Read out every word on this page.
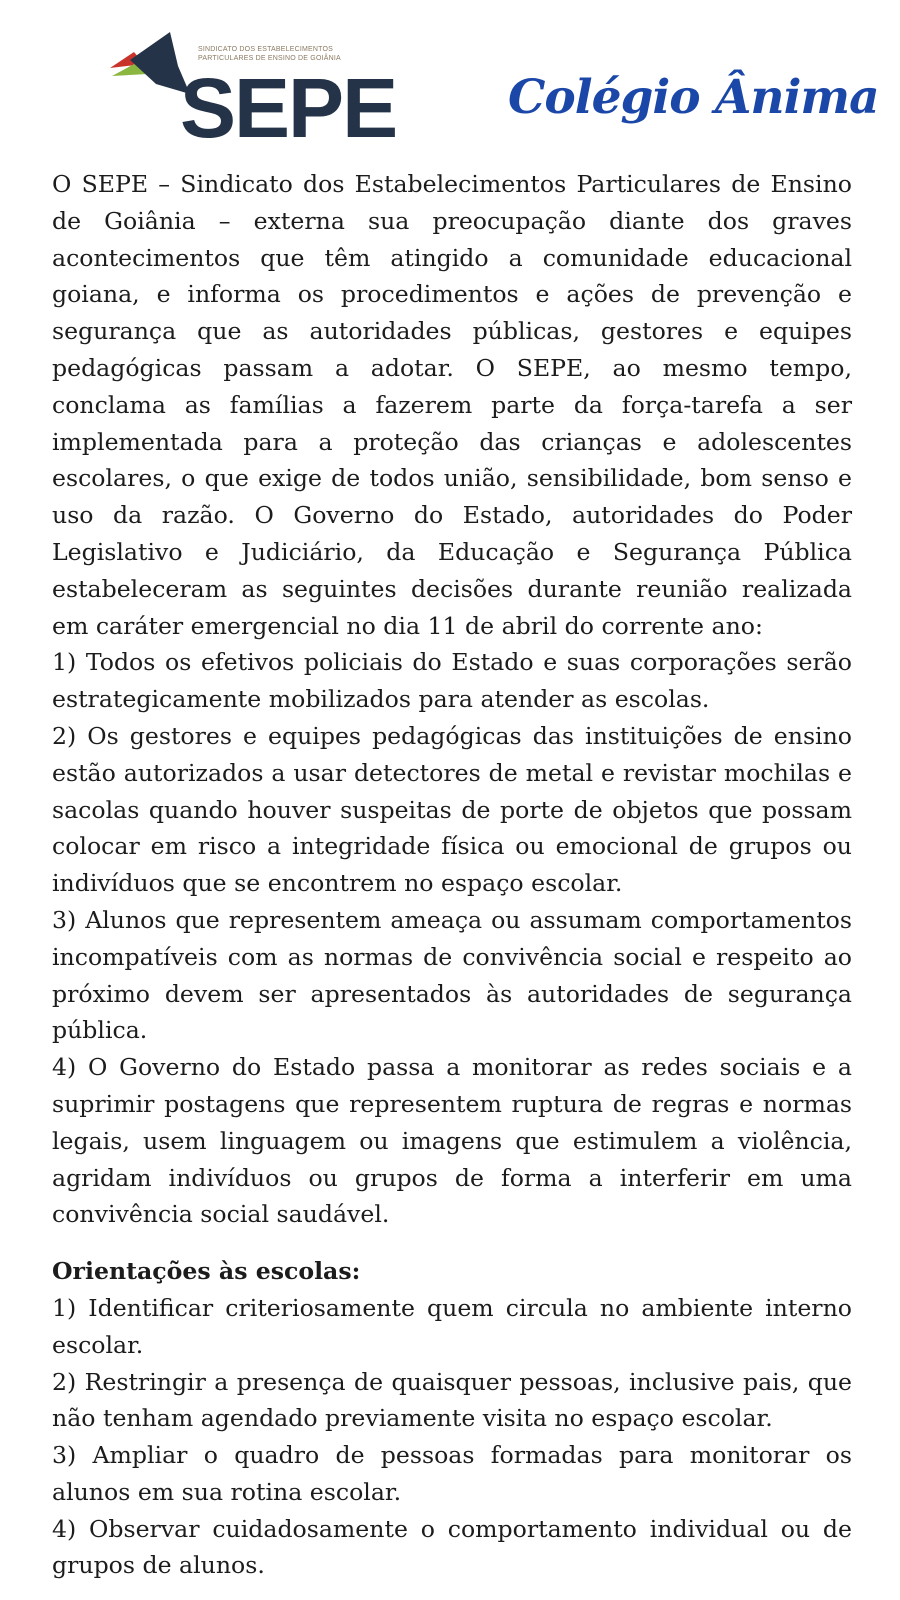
SINDICATO DOS ESTABELECIMENTOS PARTICULARES DE ENSINO DE GOIÂNIA
SEPE Colégio Ânima

O SEPE – Sindicato dos Estabelecimentos Particulares de Ensino de Goiânia – externa sua preocupação diante dos graves acontecimentos que têm atingido a comunidade educacional goiana, e informa os procedimentos e ações de prevenção e segurança que as autoridades públicas, gestores e equipes pedagógicas passam a adotar. O SEPE, ao mesmo tempo, conclama as famílias a fazerem parte da força-tarefa a ser implementada para a proteção das crianças e adolescentes escolares, o que exige de todos união, sensibilidade, bom senso e uso da razão. O Governo do Estado, autoridades do Poder Legislativo e Judiciário, da Educação e Segurança Pública estabeleceram as seguintes decisões durante reunião realizada em caráter emergencial no dia 11 de abril do corrente ano:

1) Todos os efetivos policiais do Estado e suas corporações serão estrategicamente mobilizados para atender as escolas.

2) Os gestores e equipes pedagógicas das instituições de ensino estão autorizados a usar detectores de metal e revistar mochilas e sacolas quando houver suspeitas de porte de objetos que possam colocar em risco a integridade física ou emocional de grupos ou indivíduos que se encontrem no espaço escolar.

3) Alunos que representem ameaça ou assumam comportamentos incompatíveis com as normas de convivência social e respeito ao próximo devem ser apresentados às autoridades de segurança pública.

4) O Governo do Estado passa a monitorar as redes sociais e a suprimir postagens que representem ruptura de regras e normas legais, usem linguagem ou imagens que estimulem a violência, agridam indivíduos ou grupos de forma a interferir em uma convivência social saudável.

Orientações às escolas:

1) Identificar criteriosamente quem circula no ambiente interno escolar.

2) Restringir a presença de quaisquer pessoas, inclusive pais, que não tenham agendado previamente visita no espaço escolar.

3) Ampliar o quadro de pessoas formadas para monitorar os alunos em sua rotina escolar.

4) Observar cuidadosamente o comportamento individual ou de grupos de alunos.
